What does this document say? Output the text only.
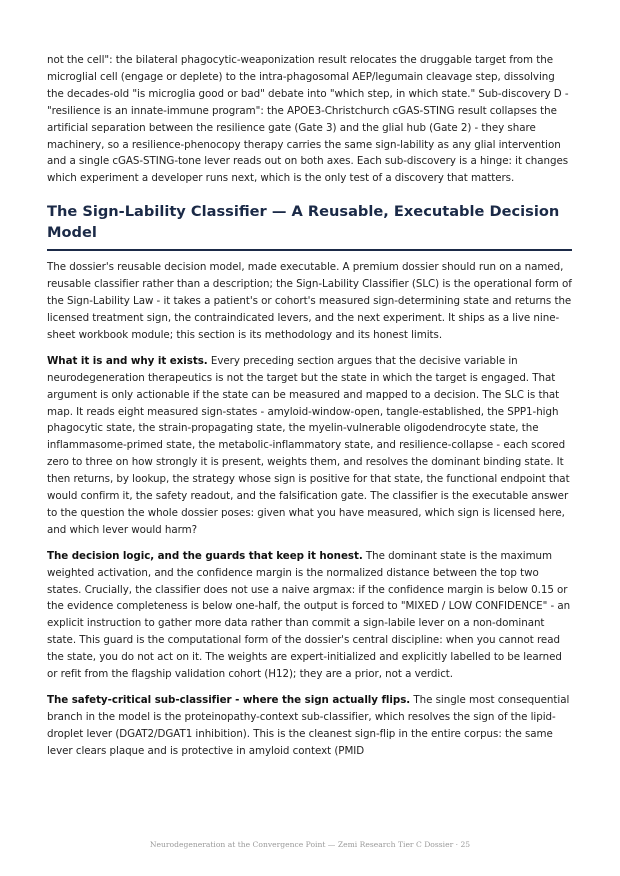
not the cell": the bilateral phagocytic-weaponization result relocates the druggable target from the microglial cell (engage or deplete) to the intra-phagosomal AEP/legumain cleavage step, dissolving the decades-old "is microglia good or bad" debate into "which step, in which state." Sub-discovery D - "resilience is an innate-immune program": the APOE3-Christchurch cGAS-STING result collapses the artificial separation between the resilience gate (Gate 3) and the glial hub (Gate 2) - they share machinery, so a resilience-phenocopy therapy carries the same sign-lability as any glial intervention and a single cGAS-STING-tone lever reads out on both axes. Each sub-discovery is a hinge: it changes which experiment a developer runs next, which is the only test of a discovery that matters.

The Sign-Lability Classifier — A Reusable, Executable Decision Model

The dossier's reusable decision model, made executable. A premium dossier should run on a named, reusable classifier rather than a description; the Sign-Lability Classifier (SLC) is the operational form of the Sign-Lability Law - it takes a patient's or cohort's measured sign-determining state and returns the licensed treatment sign, the contraindicated levers, and the next experiment. It ships as a live nine-sheet workbook module; this section is its methodology and its honest limits.

What it is and why it exists. Every preceding section argues that the decisive variable in neurodegeneration therapeutics is not the target but the state in which the target is engaged. That argument is only actionable if the state can be measured and mapped to a decision. The SLC is that map. It reads eight measured sign-states - amyloid-window-open, tangle-established, the SPP1-high phagocytic state, the strain-propagating state, the myelin-vulnerable oligodendrocyte state, the inflammasome-primed state, the metabolic-inflammatory state, and resilience-collapse - each scored zero to three on how strongly it is present, weights them, and resolves the dominant binding state. It then returns, by lookup, the strategy whose sign is positive for that state, the functional endpoint that would confirm it, the safety readout, and the falsification gate. The classifier is the executable answer to the question the whole dossier poses: given what you have measured, which sign is licensed here, and which lever would harm?

The decision logic, and the guards that keep it honest. The dominant state is the maximum weighted activation, and the confidence margin is the normalized distance between the top two states. Crucially, the classifier does not use a naive argmax: if the confidence margin is below 0.15 or the evidence completeness is below one-half, the output is forced to "MIXED / LOW CONFIDENCE" - an explicit instruction to gather more data rather than commit a sign-labile lever on a non-dominant state. This guard is the computational form of the dossier's central discipline: when you cannot read the state, you do not act on it. The weights are expert-initialized and explicitly labelled to be learned or refit from the flagship validation cohort (H12); they are a prior, not a verdict.

The safety-critical sub-classifier - where the sign actually flips. The single most consequential branch in the model is the proteinopathy-context sub-classifier, which resolves the sign of the lipid-droplet lever (DGAT2/DGAT1 inhibition). This is the cleanest sign-flip in the entire corpus: the same lever clears plaque and is protective in amyloid context (PMID

Neurodegeneration at the Convergence Point — Zemi Research Tier C Dossier · 25
